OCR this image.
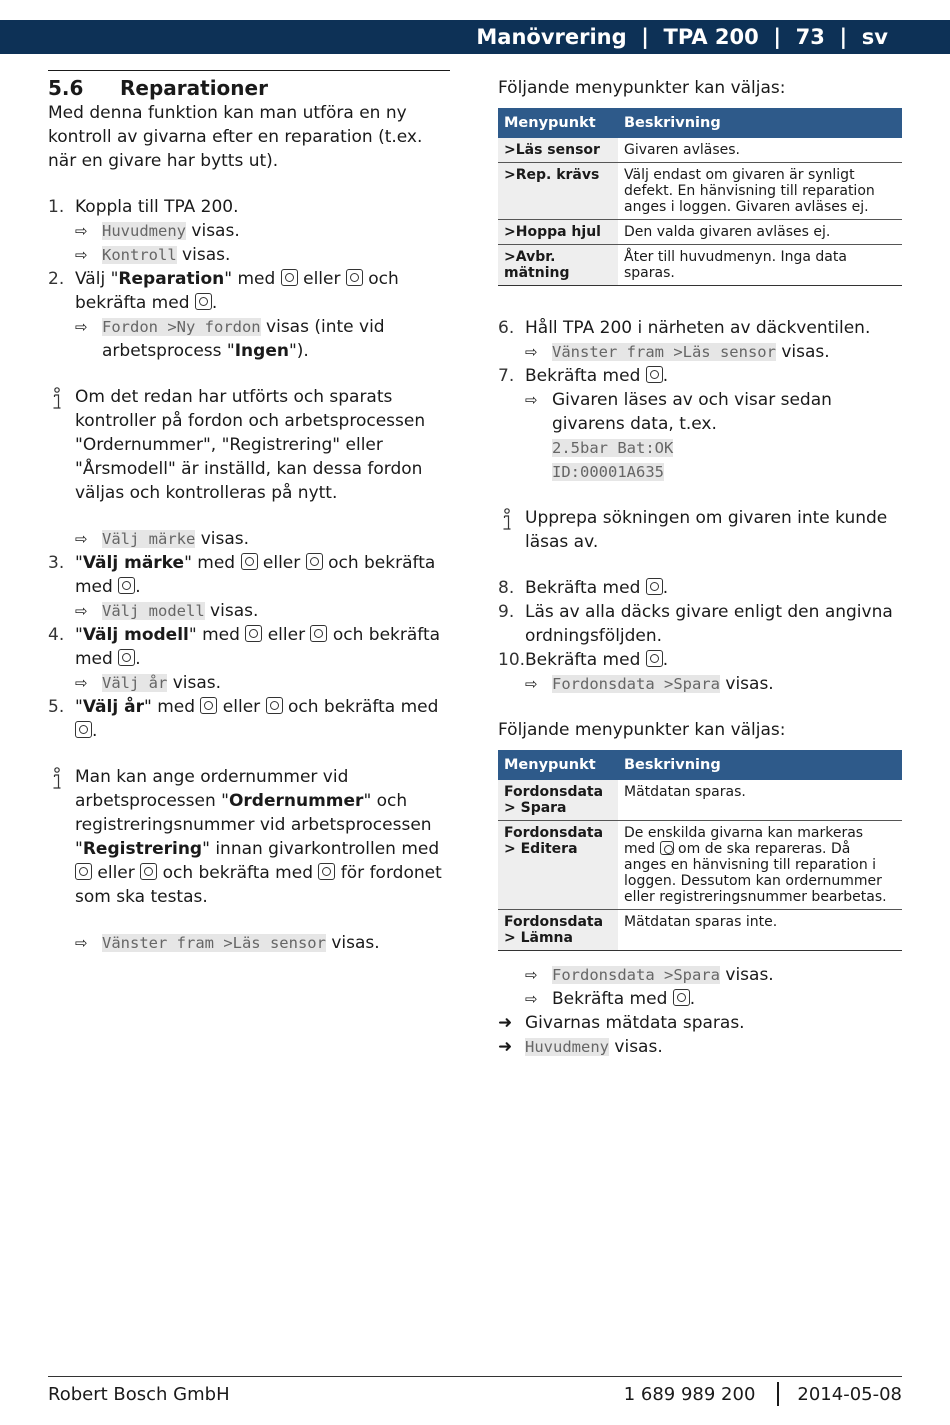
Manövrering  |  TPA 200  |  73  |  sv
5.6	Reparationer

Med denna funktion kan man utföra en ny kontroll av givarna efter en reparation (t.ex. när en givare har bytts ut).

1. Koppla till TPA 200.
⇨ Huvudmeny visas.
⇨ Kontroll visas.
2. Välj "Reparation" med  eller  och bekräfta med .
⇨ Fordon >Ny fordon visas (inte vid arbetsprocess "Ingen").

Om det redan har utförts och sparats kontroller på fordon och arbetsprocessen "Ordernummer", "Registrering" eller "Årsmodell" är inställd, kan dessa fordon väljas och kontrolleras på nytt.

⇨ Välj märke visas.
3. "Välj märke" med  eller  och bekräfta med .
⇨ Välj modell visas.
4. "Välj modell" med  eller  och bekräfta med .
⇨ Välj år visas.
5. "Välj år" med  eller  och bekräfta med .

Man kan ange ordernummer vid arbetsprocessen "Ordernummer" och registreringsnummer vid arbetsprocessen "Registrering" innan givarkontrollen med  eller  och bekräfta med  för fordonet som ska testas.

⇨ Vänster fram >Läs sensor visas.

Följande menypunkter kan väljas:

Menypunkt	Beskrivning
>Läs sensor	Givaren avläses.
>Rep. krävs	Välj endast om givaren är synligt defekt. En hänvisning till reparation anges i loggen. Givaren avläses ej.
>Hoppa hjul	Den valda givaren avläses ej.
>Avbr. mätning	Åter till huvudmenyn. Inga data sparas.
6. Håll TPA 200 i närheten av däckventilen.
⇨ Vänster fram >Läs sensor visas.
7. Bekräfta med .
⇨ Givaren läses av och visar sedan givarens data, t.ex.
2.5bar Bat:OK
ID:00001A635

Upprepa sökningen om givaren inte kunde läsas av.

8. Bekräfta med .
9. Läs av alla däcks givare enligt den angivna ordningsföljden.
10. Bekräfta med .
⇨ Fordonsdata >Spara visas.

Följande menypunkter kan väljas:

Menypunkt	Beskrivning
Fordonsdata > Spara	Mätdatan sparas.
Fordonsdata > Editera	De enskilda givarna kan markeras med  om de ska repareras. Då anges en hänvisning till reparation i loggen. Dessutom kan ordernummer eller registreringsnummer bearbetas.
Fordonsdata > Lämna	Mätdatan sparas inte.
⇨ Fordonsdata >Spara visas.
⇨ Bekräfta med .
➜ Givarnas mätdata sparas.
➜ Huvudmeny visas.
Robert Bosch GmbH	1 689 989 200 2014-05-08
